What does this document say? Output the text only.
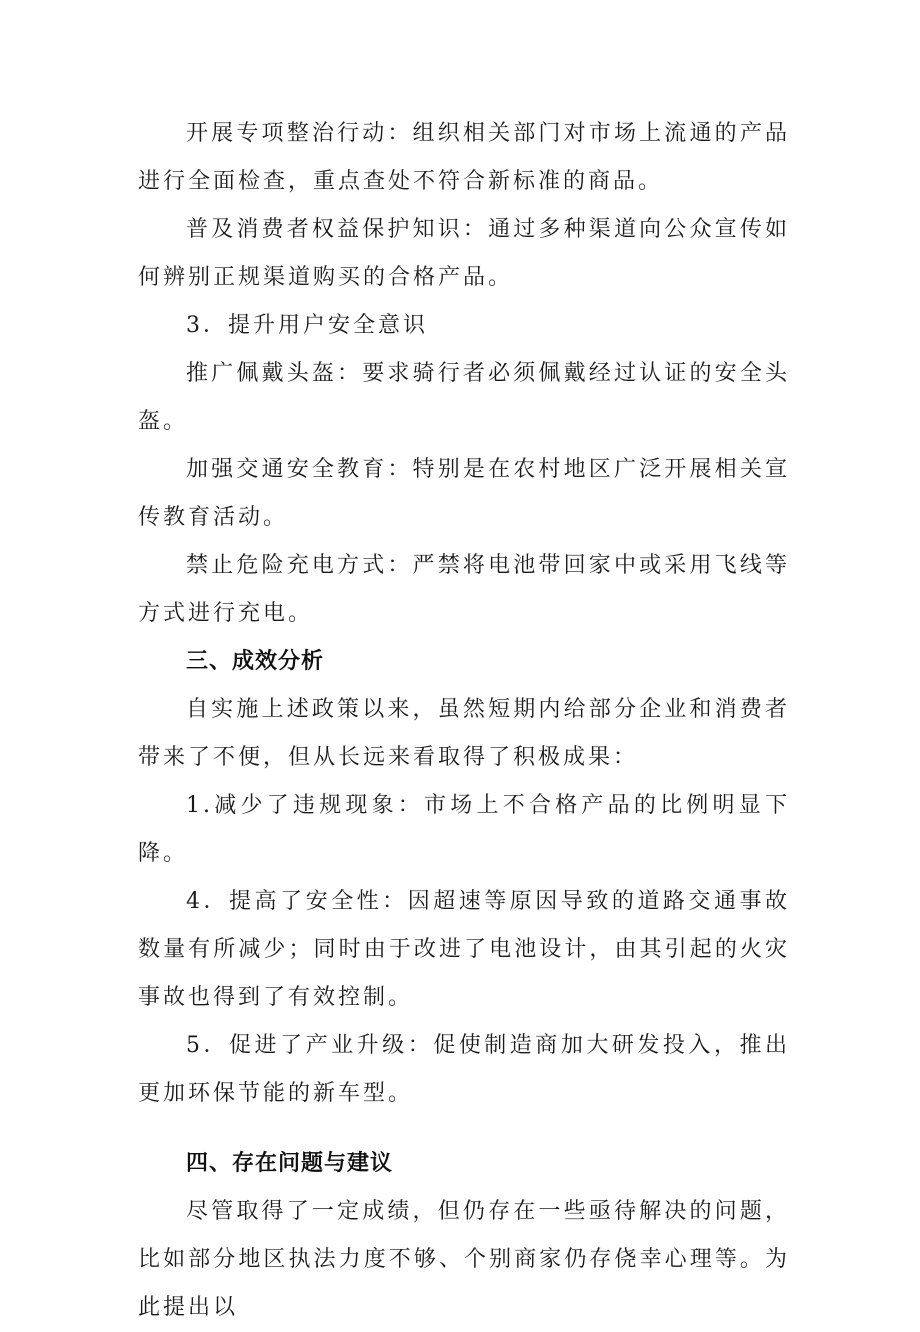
开展专项整治行动：组织相关部门对市场上流通的产品进行全面检查，重点查处不符合新标准的商品。

普及消费者权益保护知识：通过多种渠道向公众宣传如何辨别正规渠道购买的合格产品。

3．提升用户安全意识

推广佩戴头盔：要求骑行者必须佩戴经过认证的安全头盔。

加强交通安全教育：特别是在农村地区广泛开展相关宣传教育活动。

禁止危险充电方式：严禁将电池带回家中或采用飞线等方式进行充电。

三、成效分析

自实施上述政策以来，虽然短期内给部分企业和消费者带来了不便，但从长远来看取得了积极成果：

1.减少了违规现象：市场上不合格产品的比例明显下降。

4．提高了安全性：因超速等原因导致的道路交通事故数量有所减少；同时由于改进了电池设计，由其引起的火灾事故也得到了有效控制。

5．促进了产业升级：促使制造商加大研发投入，推出更加环保节能的新车型。

四、存在问题与建议

尽管取得了一定成绩，但仍存在一些亟待解决的问题，比如部分地区执法力度不够、个别商家仍存侥幸心理等。为此提出以
